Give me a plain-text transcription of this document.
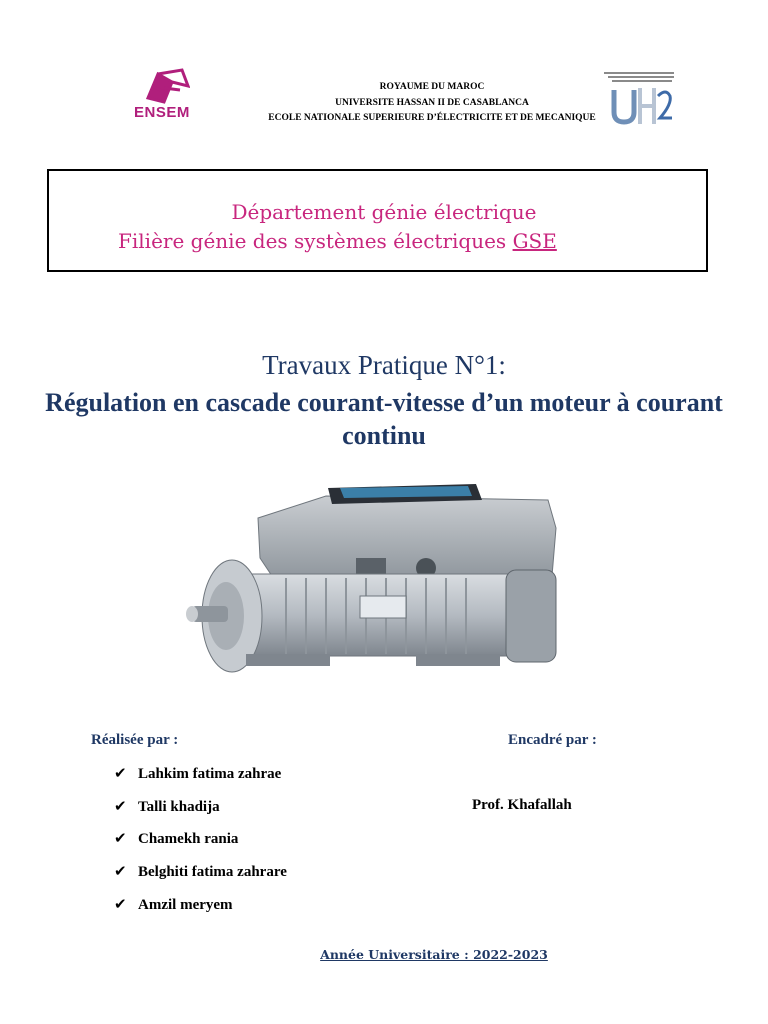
ENSEM
ROYAUME DU MAROC
UNIVERSITE HASSAN II DE CASABLANCA
ECOLE NATIONALE SUPERIEURE D’ÉLECTRICITE ET DE MECANIQUE
Département génie électrique
Filière génie des systèmes électriques GSE
Travaux Pratique N°1:
Régulation en cascade courant-vitesse d’un moteur à courant continu
Réalisée par :	Encadré par :
✔ Lahkim fatima zahrae
✔ Talli khadija
✔ Chamekh rania
✔ Belghiti fatima zahrare
✔ Amzil meryem
Prof. Khafallah
Année Universitaire : 2022-2023
